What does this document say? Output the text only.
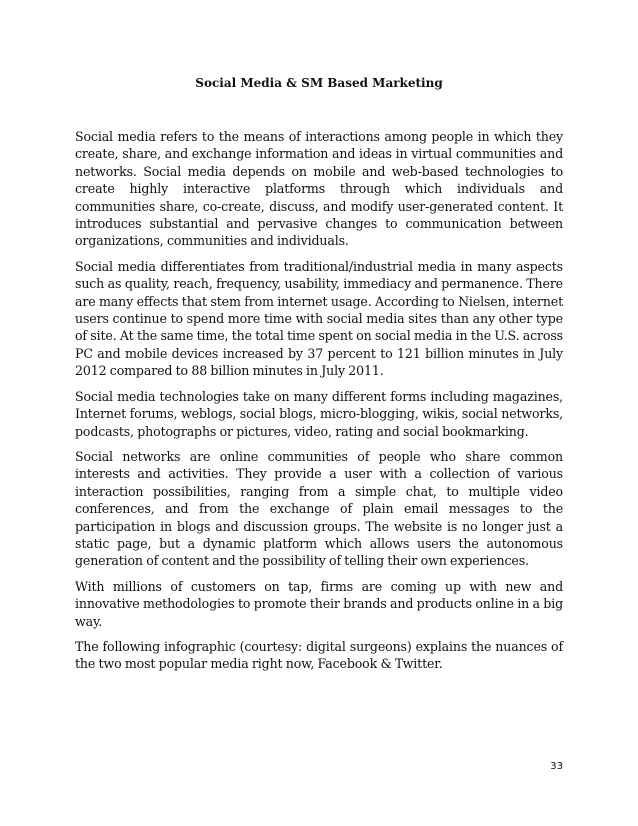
Social Media & SM Based Marketing

Social media refers to the means of interactions among people in which they create, share, and exchange information and ideas in virtual communities and networks. Social media depends on mobile and web-based technologies to create highly interactive platforms through which individuals and communities share, co-create, discuss, and modify user-generated content. It introduces substantial and pervasive changes to communication between organizations, communities and individuals.

Social media differentiates from traditional/industrial media in many aspects such as quality, reach, frequency, usability, immediacy and permanence. There are many effects that stem from internet usage. According to Nielsen, internet users continue to spend more time with social media sites than any other type of site. At the same time, the total time spent on social media in the U.S. across PC and mobile devices increased by 37 percent to 121 billion minutes in July 2012 compared to 88 billion minutes in July 2011.

Social media technologies take on many different forms including magazines, Internet forums, weblogs, social blogs, micro-blogging, wikis, social networks, podcasts, photographs or pictures, video, rating and social bookmarking.

Social networks are online communities of people who share common interests and activities. They provide a user with a collection of various interaction possibilities, ranging from a simple chat, to multiple video conferences, and from the exchange of plain email messages to the participation in blogs and discussion groups. The website is no longer just a static page, but a dynamic platform which allows users the autonomous generation of content and the possibility of telling their own experiences.

With millions of customers on tap, firms are coming up with new and innovative methodologies to promote their brands and products online in a big way.

The following infographic (courtesy: digital surgeons) explains the nuances of the two most popular media right now, Facebook & Twitter.

33
